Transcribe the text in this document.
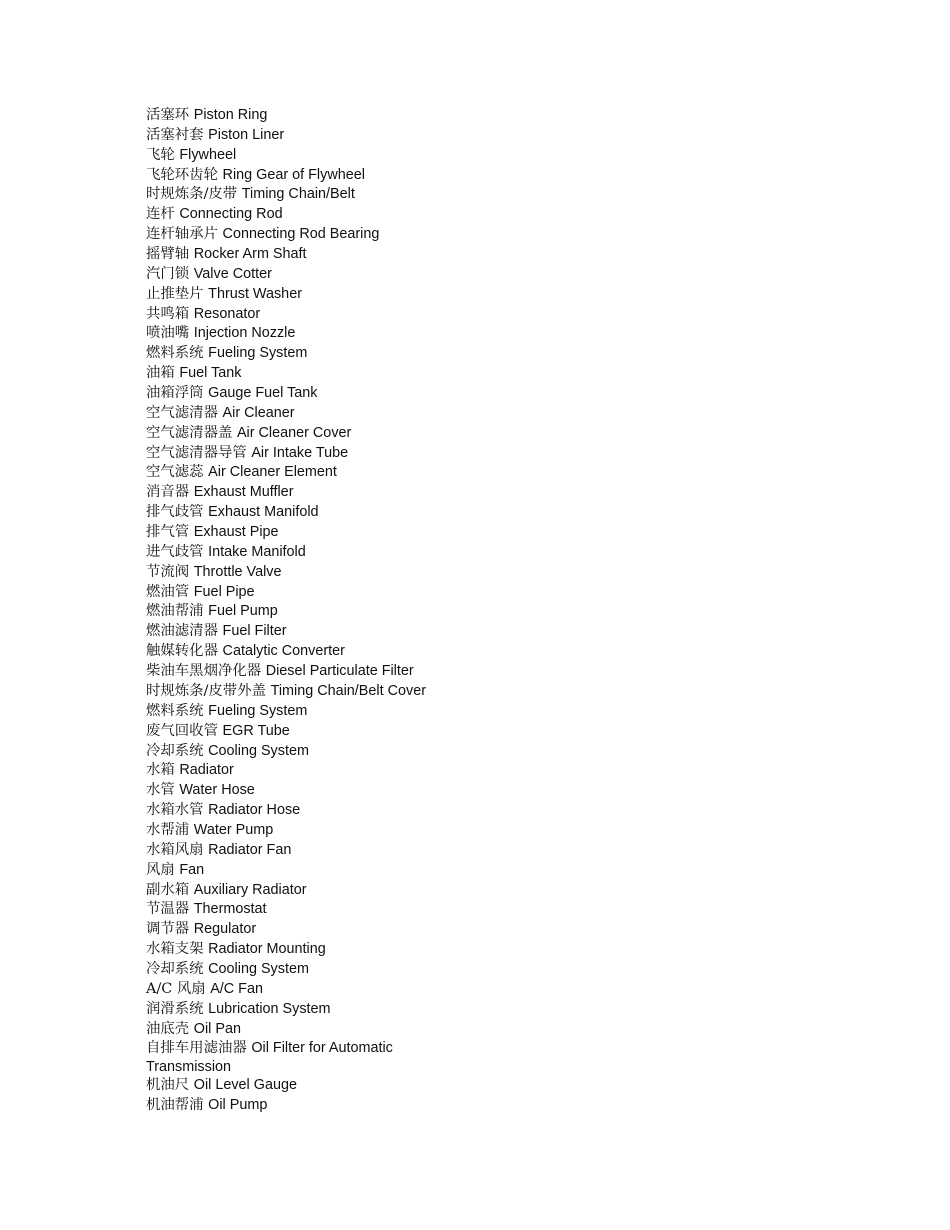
活塞环 Piston Ring
活塞衬套 Piston Liner
飞轮 Flywheel
飞轮环齿轮 Ring Gear of Flywheel
时规炼条/皮带 Timing Chain/Belt
连杆 Connecting Rod
连杆轴承片 Connecting Rod Bearing
摇臂轴 Rocker Arm Shaft
汽门锁 Valve Cotter
止推垫片 Thrust Washer
共鸣箱 Resonator
喷油嘴 Injection Nozzle
燃料系统 Fueling System
油箱 Fuel Tank
油箱浮筒 Gauge Fuel Tank
空气滤清器 Air Cleaner
空气滤清器盖 Air Cleaner Cover
空气滤清器导管 Air Intake Tube
空气滤蕊 Air Cleaner Element
消音器 Exhaust Muffler
排气歧管 Exhaust Manifold
排气管 Exhaust Pipe
进气歧管 Intake Manifold
节流阀 Throttle Valve
燃油管 Fuel Pipe
燃油帮浦 Fuel Pump
燃油滤清器 Fuel Filter
触媒转化器 Catalytic Converter
柴油车黑烟净化器 Diesel Particulate Filter
时规炼条/皮带外盖 Timing Chain/Belt Cover
燃料系统 Fueling System
废气回收管 EGR Tube
冷却系统 Cooling System
水箱 Radiator
水管 Water Hose
水箱水管 Radiator Hose
水帮浦 Water Pump
水箱风扇 Radiator Fan
风扇 Fan
副水箱 Auxiliary Radiator
节温器 Thermostat
调节器 Regulator
水箱支架 Radiator Mounting
冷却系统 Cooling System
A/C 风扇 A/C Fan
润滑系统 Lubrication System
油底壳 Oil Pan
自排车用滤油器 Oil Filter for Automatic Transmission
机油尺 Oil Level Gauge
机油帮浦 Oil Pump
